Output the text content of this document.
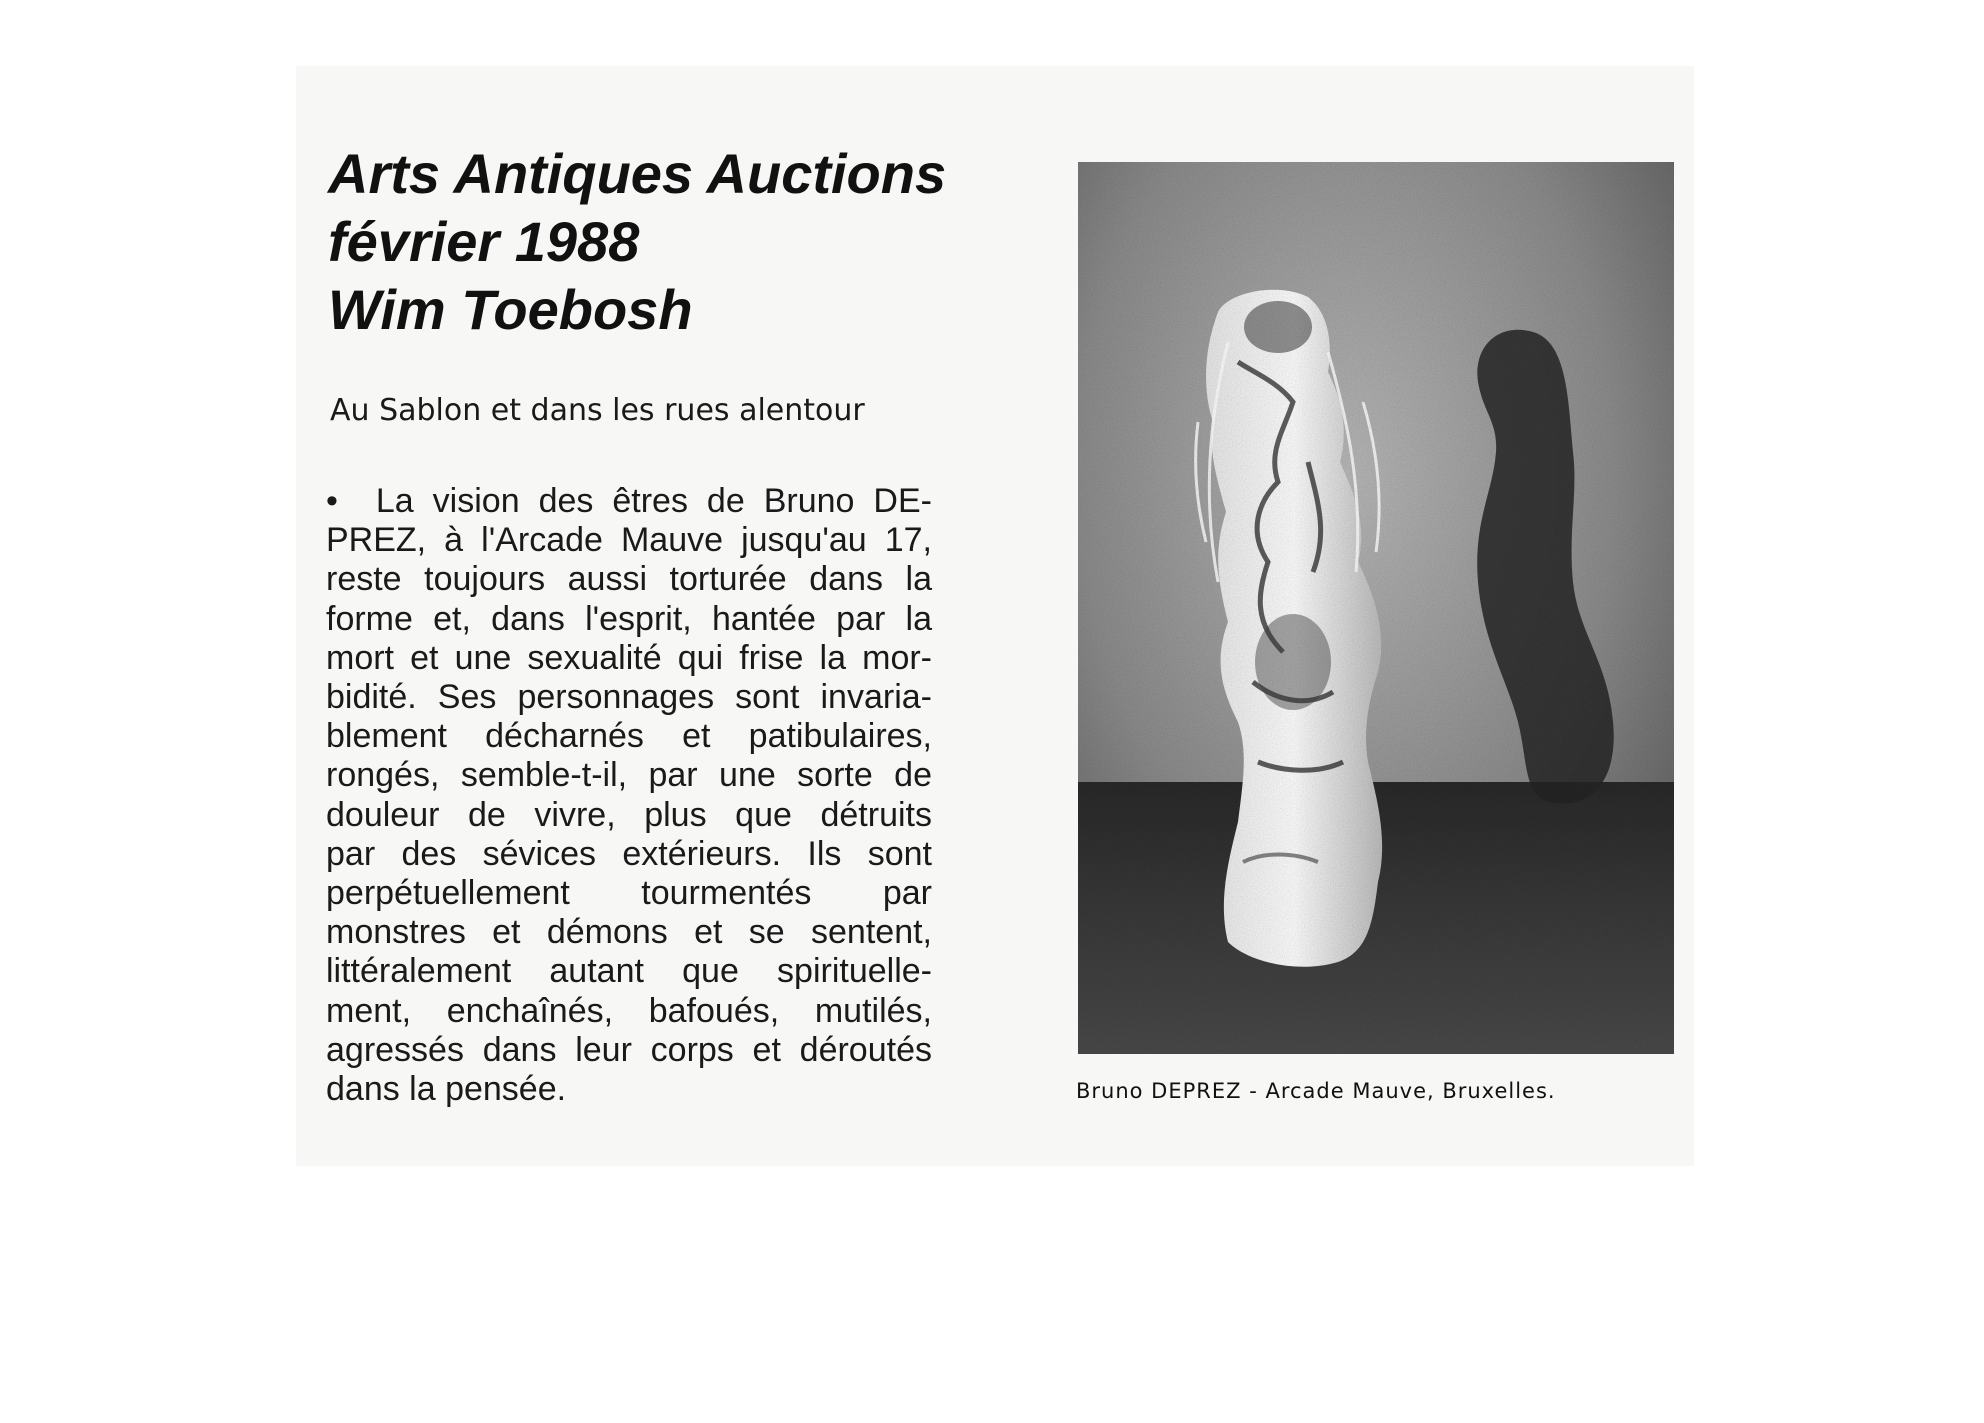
Arts Antiques Auctions
février 1988
Wim Toebosh
Au Sablon et dans les rues alentour
• La vision des êtres de Bruno DE-
PREZ, à l'Arcade Mauve jusqu'au 17,
reste toujours aussi torturée dans la
forme et, dans l'esprit, hantée par la
mort et une sexualité qui frise la mor-
bidité. Ses personnages sont invaria-
blement décharnés et patibulaires,
rongés, semble-t-il, par une sorte de
douleur de vivre, plus que détruits
par des sévices extérieurs. Ils sont
perpétuellement tourmentés par
monstres et démons et se sentent,
littéralement autant que spirituelle-
ment, enchaînés, bafoués, mutilés,
agressés dans leur corps et déroutés
dans la pensée.	Bruno DEPREZ - Arcade Mauve, Bruxelles.
